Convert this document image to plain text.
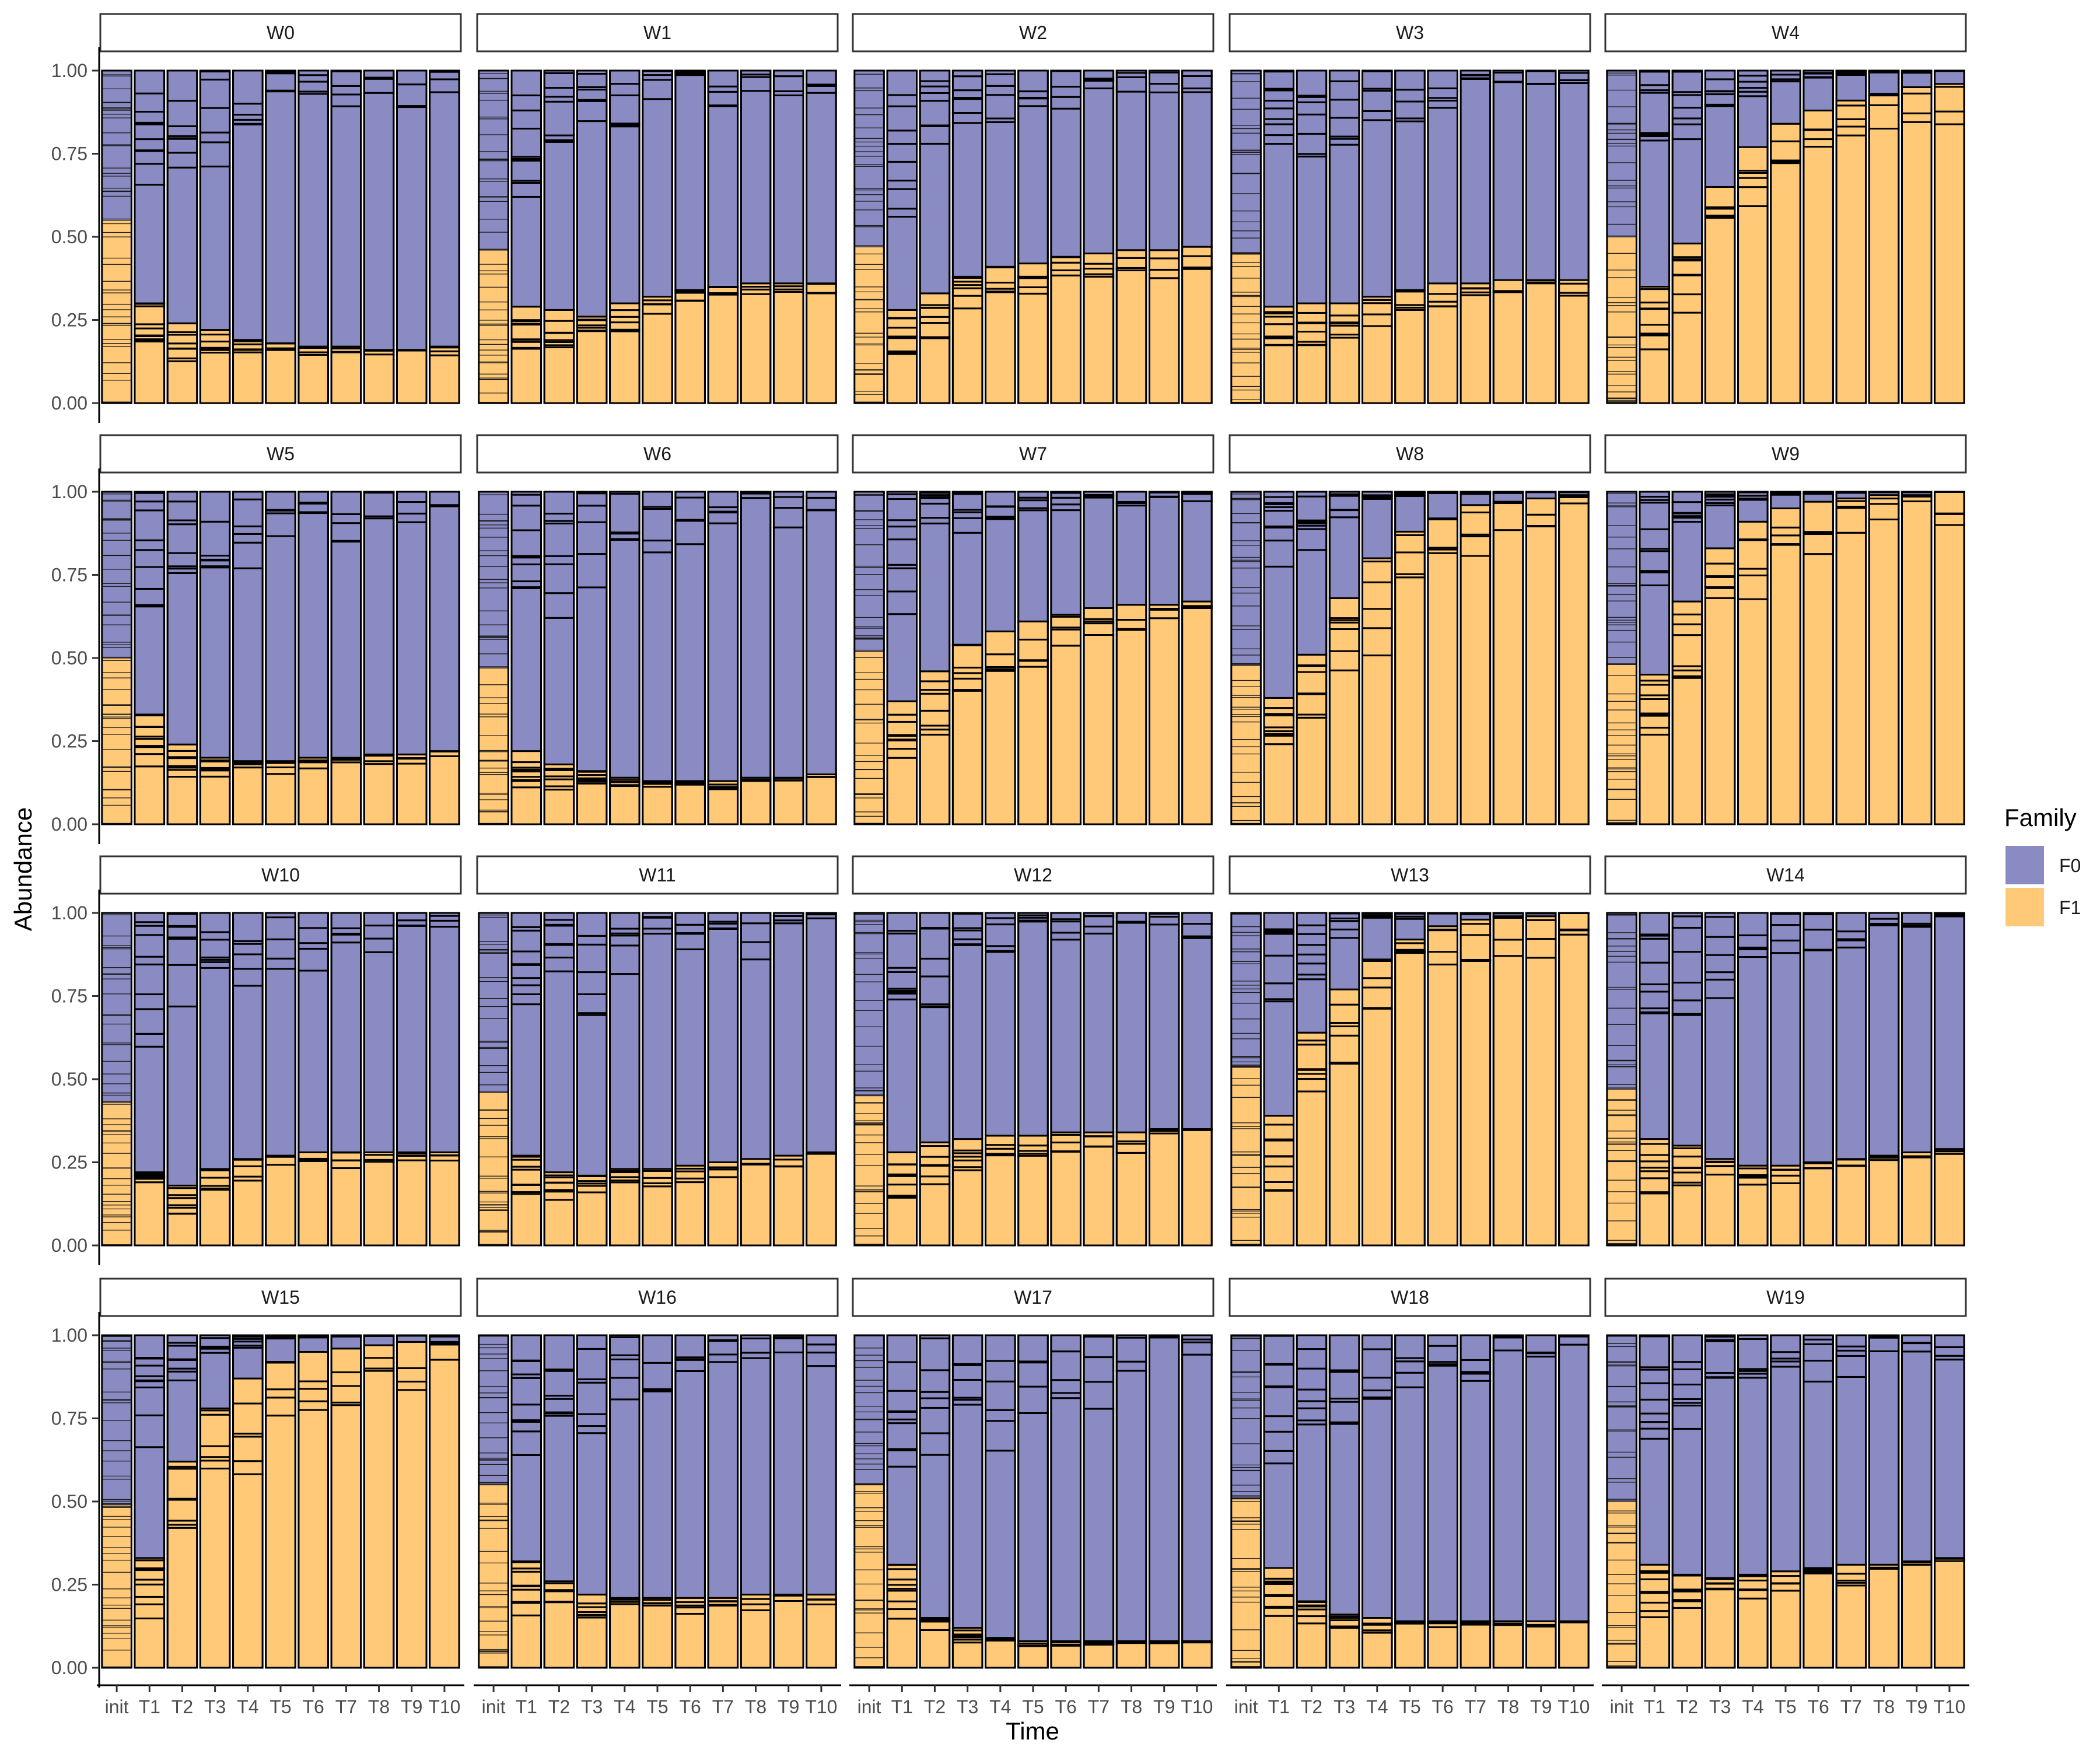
W0
0.00
0.25
0.50
0.75
1.00
W1	W2	W3	W4
W5
0.00
0.25
0.50
0.75
1.00
W6	W7	W8	W9
W10
0.00
0.25
0.50
0.75
1.00
W11	W12	W13	W14
W15
0.00
0.25
0.50
0.75
1.00
init T1 T2 T3 T4 T5 T6 T7 T8 T9 T10
W16
init T1 T2 T3 T4 T5 T6 T7 T8 T9 T10
W17
init T1 T2 T3 T4 T5 T6 T7 T8 T9 T10
W18
init T1 T2 T3 T4 T5 T6 T7 T8 T9 T10
W19
init T1 T2 T3 T4 T5 T6 T7 T8 T9 T10
Time
Abundance	Family
F0
F1
